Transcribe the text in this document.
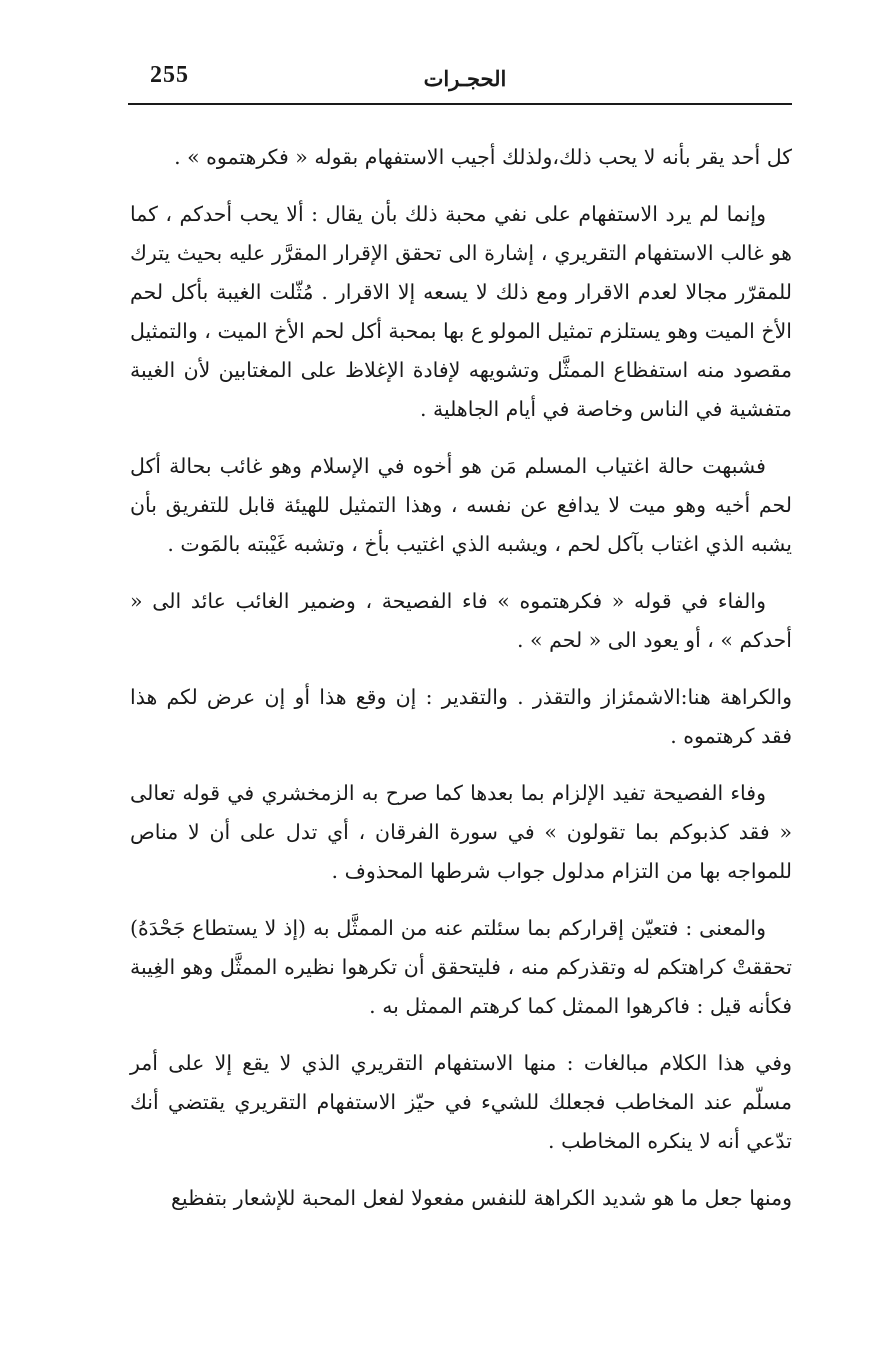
255	الحجـرات

كل أحد يقر بأنه لا يحب ذلك،ولذلك أجيب الاستفهام بقوله « فكرهتموه » .

وإنما لم يرد الاستفهام على نفي محبة ذلك بأن يقال : ألا يحب أحدكم ، كما هو غالب الاستفهام التقريري ، إشارة الى تحقق الإقرار المقرَّر عليه بحيث يترك للمقرّر مجالا لعدم الاقرار ومع ذلك لا يسعه إلا الاقرار . مُثّلت الغيبة بأكل لحم الأخ الميت وهو يستلزم تمثيل المولو ع بها بمحبة أكل لحم الأخ الميت ، والتمثيل مقصود منه استفظاع الممثَّل وتشويهه لإفادة الإغلاظ على المغتابين لأن الغيبة متفشية في الناس وخاصة في أيام الجاهلية .

فشبهت حالة اغتياب المسلم مَن هو أخوه في الإسلام وهو غائب بحالة أكل لحم أخيه وهو ميت لا يدافع عن نفسه ، وهذا التمثيل للهيئة قابل للتفريق بأن يشبه الذي اغتاب بآكل لحم ، ويشبه الذي اغتيب بأخ ، وتشبه غَيْبته بالمَوت .

والفاء في قوله « فكرهتموه » فاء الفصيحة ، وضمير الغائب عائد الى « أحدكم » ، أو يعود الى « لحم » .

والكراهة هنا:الاشمئزاز والتقذر . والتقدير : إن وقع هذا أو إن عرض لكم هذا فقد كرهتموه .

وفاء الفصيحة تفيد الإلزام بما بعدها كما صرح به الزمخشري في قوله تعالى « فقد كذبوكم بما تقولون » في سورة الفرقان ، أي تدل على أن لا مناص للمواجه بها من التزام مدلول جواب شرطها المحذوف .

والمعنى : فتعيّن إقراركم بما سئلتم عنه من الممثَّل به (إذ لا يستطاع جَحْدَهُ) تحققتْ كراهتكم له وتقذركم منه ، فليتحقق أن تكرهوا نظيره الممثَّل وهو الغِيبة فكأنه قيل : فاكرهوا الممثل كما كرهتم الممثل به .

وفي هذا الكلام مبالغات : منها الاستفهام التقريري الذي لا يقع إلا على أمر مسلّم عند المخاطب فجعلك للشيء في حيّز الاستفهام التقريري يقتضي أنك تدّعي أنه لا ينكره المخاطب .

ومنها جعل ما هو شديد الكراهة للنفس مفعولا لفعل المحبة للإشعار بتفظيع
